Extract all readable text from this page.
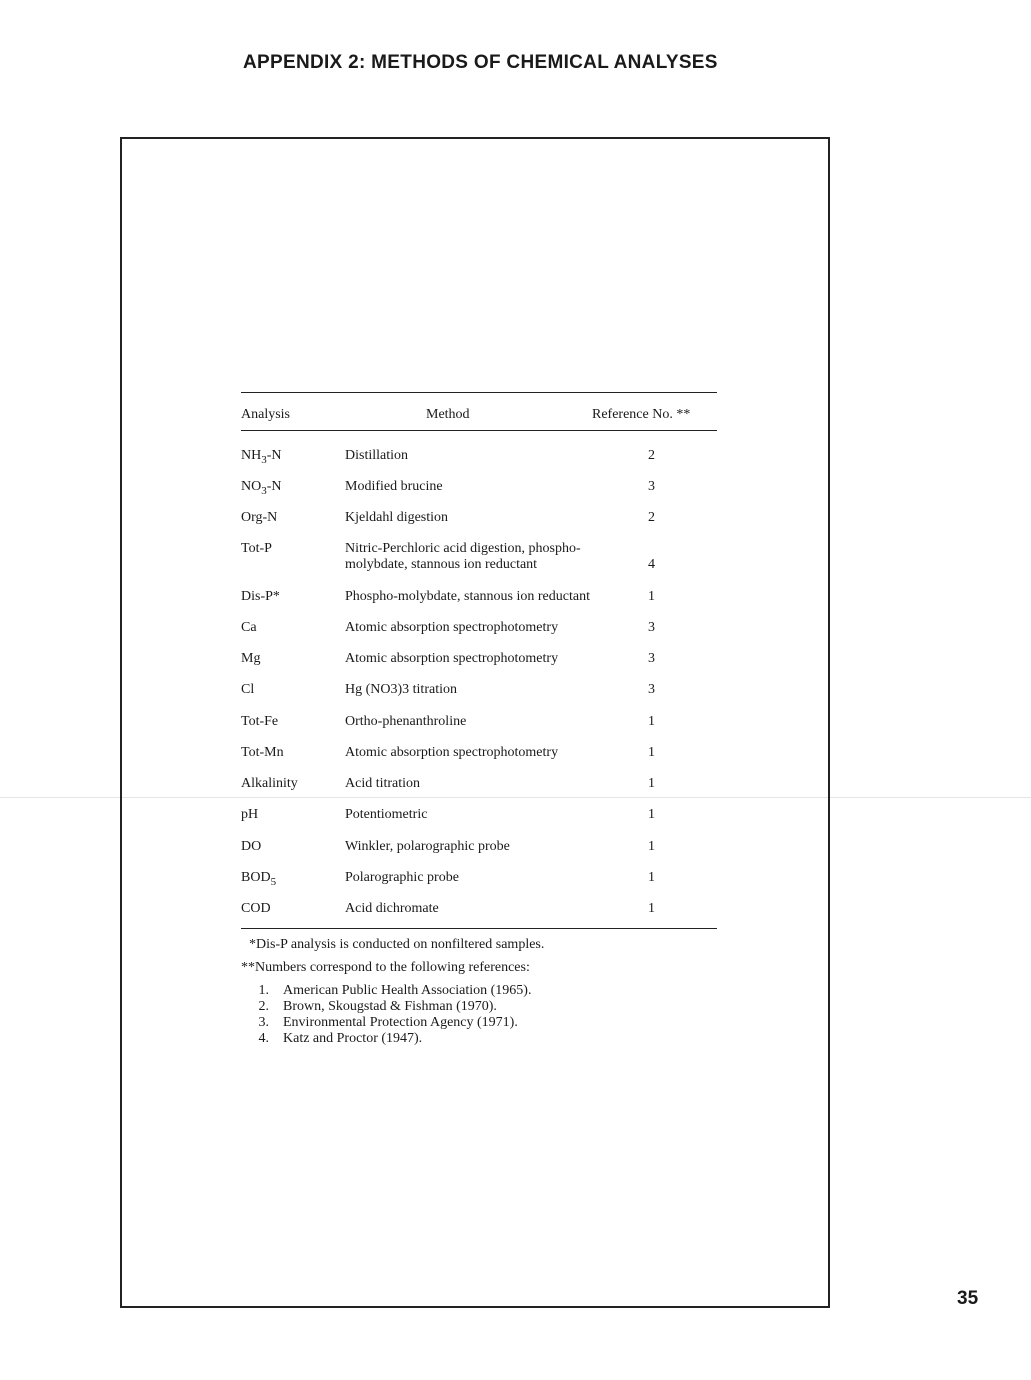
APPENDIX 2: METHODS OF CHEMICAL ANALYSES
Analysis	Method	Reference No. **
$NH_3-N$	Distillation	2
$NO_3-N$	Modified brucine	3
Org-N	Kjeldahl digestion	2
Tot-P	Nitric-Perchloric acid digestion, phospho-
molybdate, stannous ion reductant	4
Dis-P*	Phospho-molybdate, stannous ion reductant	1
Ca	Atomic absorption spectrophotometry	3
Mg	Atomic absorption spectrophotometry	3
Cl	Hg (NO3)3 titration	3
Tot-Fe	Ortho-phenanthroline	1
Tot-Mn	Atomic absorption spectrophotometry	1
Alkalinity	Acid titration	1
pH	Potentiometric	1
DO	Winkler, polarographic probe	1
$BOD_5$	Polarographic probe	1
COD	Acid dichromate	1
*Dis-P analysis is conducted on nonfiltered samples.
**Numbers correspond to the following references:
1. American Public Health Association (1965).
2. Brown, Skougstad & Fishman (1970).
3. Environmental Protection Agency (1971).
4. Katz and Proctor (1947).
35
